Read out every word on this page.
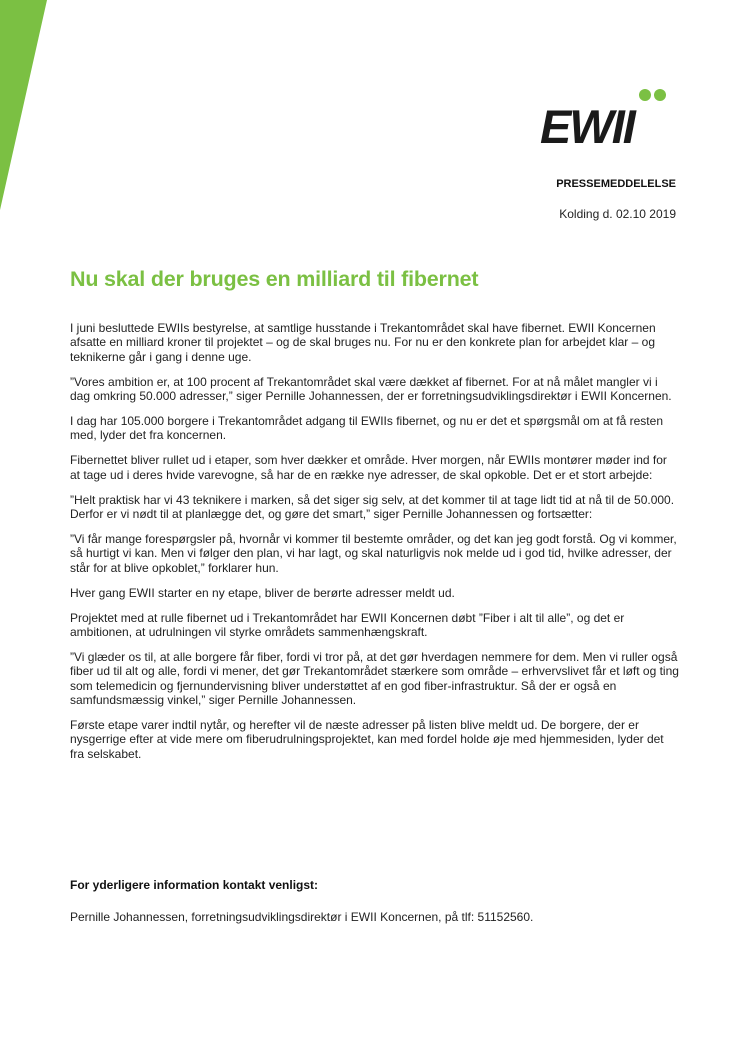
EWII
PRESSEMEDDELELSE
Kolding d. 02.10 2019
Nu skal der bruges en milliard til fibernet

I juni besluttede EWIIs bestyrelse, at samtlige husstande i Trekantområdet skal have fibernet. EWII Koncernen afsatte en milliard kroner til projektet – og de skal bruges nu. For nu er den konkrete plan for arbejdet klar – og teknikerne går i gang i denne uge.

”Vores ambition er, at 100 procent af Trekantområdet skal være dækket af fibernet. For at nå målet mangler vi i dag omkring 50.000 adresser,” siger Pernille Johannessen, der er forretningsudviklingsdirektør i EWII Koncernen.

I dag har 105.000 borgere i Trekantområdet adgang til EWIIs fibernet, og nu er det et spørgsmål om at få resten med, lyder det fra koncernen.

Fibernettet bliver rullet ud i etaper, som hver dækker et område. Hver morgen, når EWIIs montører møder ind for at tage ud i deres hvide varevogne, så har de en række nye adresser, de skal opkoble. Det er et stort arbejde:

”Helt praktisk har vi 43 teknikere i marken, så det siger sig selv, at det kommer til at tage lidt tid at nå til de 50.000. Derfor er vi nødt til at planlægge det, og gøre det smart,” siger Pernille Johannessen og fortsætter:

”Vi får mange forespørgsler på, hvornår vi kommer til bestemte områder, og det kan jeg godt forstå. Og vi kommer, så hurtigt vi kan. Men vi følger den plan, vi har lagt, og skal naturligvis nok melde ud i god tid, hvilke adresser, der står for at blive opkoblet,” forklarer hun.

Hver gang EWII starter en ny etape, bliver de berørte adresser meldt ud.

Projektet med at rulle fibernet ud i Trekantområdet har EWII Koncernen døbt ”Fiber i alt til alle”, og det er ambitionen, at udrulningen vil styrke områdets sammenhængskraft.

”Vi glæder os til, at alle borgere får fiber, fordi vi tror på, at det gør hverdagen nemmere for dem. Men vi ruller også fiber ud til alt og alle, fordi vi mener, det gør Trekantområdet stærkere som område – erhvervslivet får et løft og ting som telemedicin og fjernundervisning bliver understøttet af en god fiber-infrastruktur. Så der er også en samfundsmæssig vinkel,” siger Pernille Johannessen.

Første etape varer indtil nytår, og herefter vil de næste adresser på listen blive meldt ud. De borgere, der er nysgerrige efter at vide mere om fiberudrulningsprojektet, kan med fordel holde øje med hjemmesiden, lyder det fra selskabet.

For yderligere information kontakt venligst:

Pernille Johannessen, forretningsudviklingsdirektør i EWII Koncernen, på tlf: 51152560.
